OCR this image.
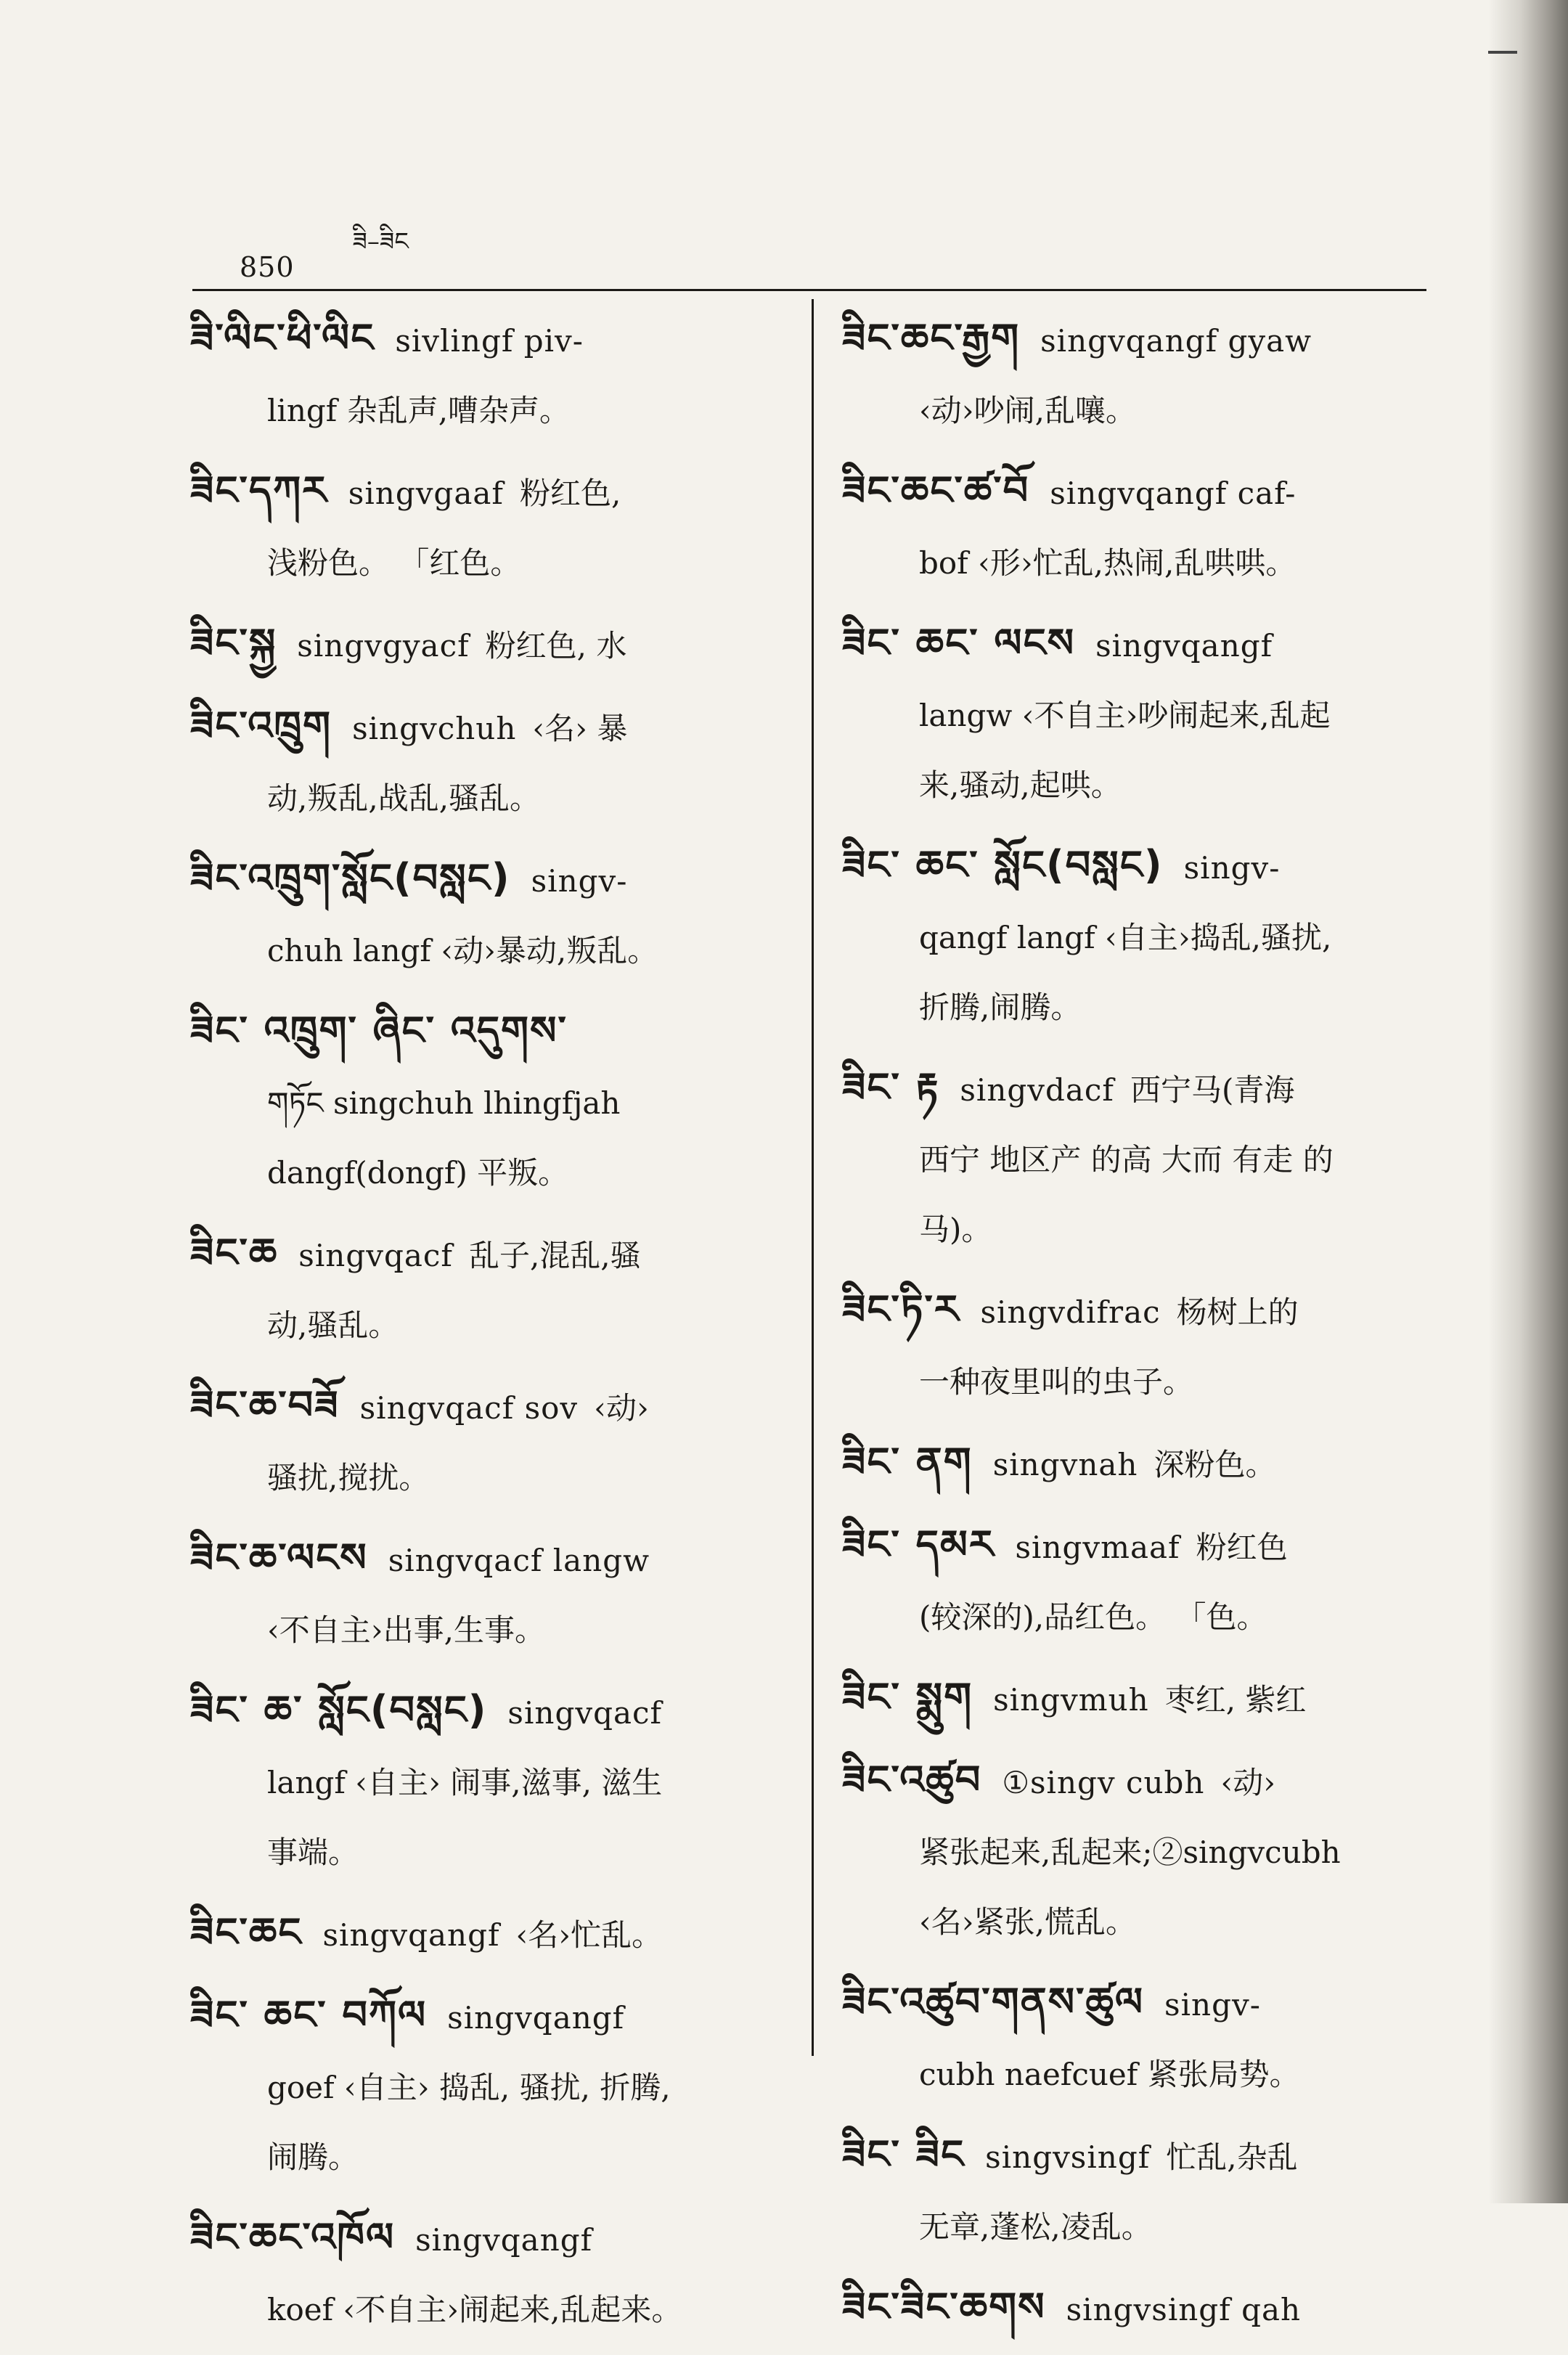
850
ཟི–ཟིང
ཟི་ལིང་ཕི་ལིང sivlingf piv-
lingf 杂乱声,嘈杂声。
ཟིང་དཀར singvgaaf 粉红色,
浅粉色。 「红色。
ཟིང་སྐྱ singvgyacf 粉红色, 水
ཟིང་འཁྲུག singvchuh ‹名› 暴
动,叛乱,战乱,骚乱。
ཟིང་འཁྲུག་སློང(བསླང) singv-
chuh langf ‹动›暴动,叛乱。
ཟིང་ འཁྲུག་ ཞིང་ འདུགས་
གཏོང singchuh lhingfjah
dangf(dongf) 平叛。
ཟིང་ཆ singvqacf 乱子,混乱,骚
动,骚乱。
ཟིང་ཆ་བཟོ singvqacf sov ‹动›
骚扰,搅扰。
ཟིང་ཆ་ལངས singvqacf langw
‹不自主›出事,生事。
ཟིང་ ཆ་ སློང(བསླང) singvqacf
langf ‹自主› 闹事,滋事, 滋生
事端。
ཟིང་ཆང singvqangf ‹名›忙乱。
ཟིང་ ཆང་ བཀོལ singvqangf
goef ‹自主› 捣乱, 骚扰, 折腾,
闹腾。
ཟིང་ཆང་འཁོལ singvqangf
koef ‹不自主›闹起来,乱起来。
ཟིང་ཆང་རྒྱག singvqangf gyaw
‹动›吵闹,乱嚷。
ཟིང་ཆང་ཚ་བོ singvqangf caf-
bof ‹形›忙乱,热闹,乱哄哄。
ཟིང་ ཆང་ ལངས singvqangf
langw ‹不自主›吵闹起来,乱起
来,骚动,起哄。
ཟིང་ ཆང་ སློང(བསླང) singv-
qangf langf ‹自主›捣乱,骚扰,
折腾,闹腾。
ཟིང་ རྟ singvdacf 西宁马(青海
西宁 地区产 的高 大而 有走 的
马)。
ཟིང་ཏི་ར singvdifrac 杨树上的
一种夜里叫的虫子。
ཟིང་ ནག singvnah 深粉色。
ཟིང་ དམར singvmaaf 粉红色
(较深的),品红色。 「色。
ཟིང་ སྨུག singvmuh 枣红, 紫红
ཟིང་འཚུབ ①singv cubh ‹动›
紧张起来,乱起来;②singvcubh
‹名›紧张,慌乱。
ཟིང་འཚུབ་གནས་ཚུལ singv-
cubh naefcuef 紧张局势。
ཟིང་ ཟིང singvsingf 忙乱,杂乱
无章,蓬松,凌乱。
ཟིང་ཟིང་ཆགས singvsingf qah
